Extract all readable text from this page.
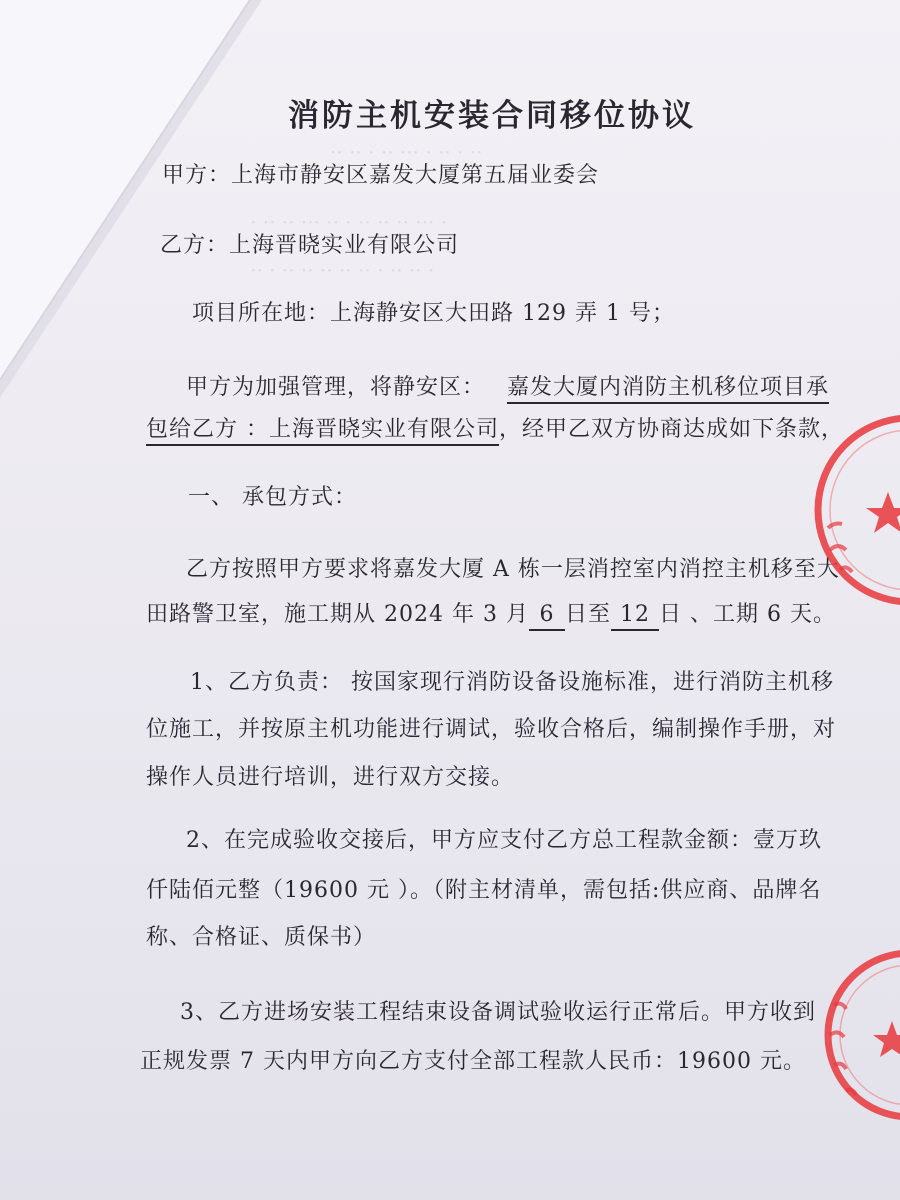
·· ·· · ·· ··· · ·· · ··
· ·· ·· ··· ·· · ·· ·· ·· ··· ·
·· · ·· ·· ·· ·· ·· · ·· ·· ·
消防主机安装合同移位协议
甲方：上海市静安区嘉发大厦第五届业委会
乙方：上海晋晓实业有限公司
项目所在地：上海静安区大田路 129 弄 1 号；
甲方为加强管理，将静安区： 嘉发大厦内消防主机移位项目承
包给乙方 ：上海晋晓实业有限公司，经甲乙双方协商达成如下条款，
一、 承包方式：
乙方按照甲方要求将嘉发大厦 A 栋一层消控室内消控主机移至大
田路警卫室，施工期从 2024 年 3 月 6 日至 12 日 、工期 6 天。
1、乙方负责： 按国家现行消防设备设施标准，进行消防主机移
位施工，并按原主机功能进行调试，验收合格后，编制操作手册，对
操作人员进行培训，进行双方交接。
2、在完成验收交接后，甲方应支付乙方总工程款金额：壹万玖
仟陆佰元整（19600 元 ）。（附主材清单，需包括:供应商、品牌名
称、合格证、质保书）
3、乙方进场安装工程结束设备调试验收运行正常后。甲方收到
正规发票 7 天内甲方向乙方支付全部工程款人民币：19600 元。
